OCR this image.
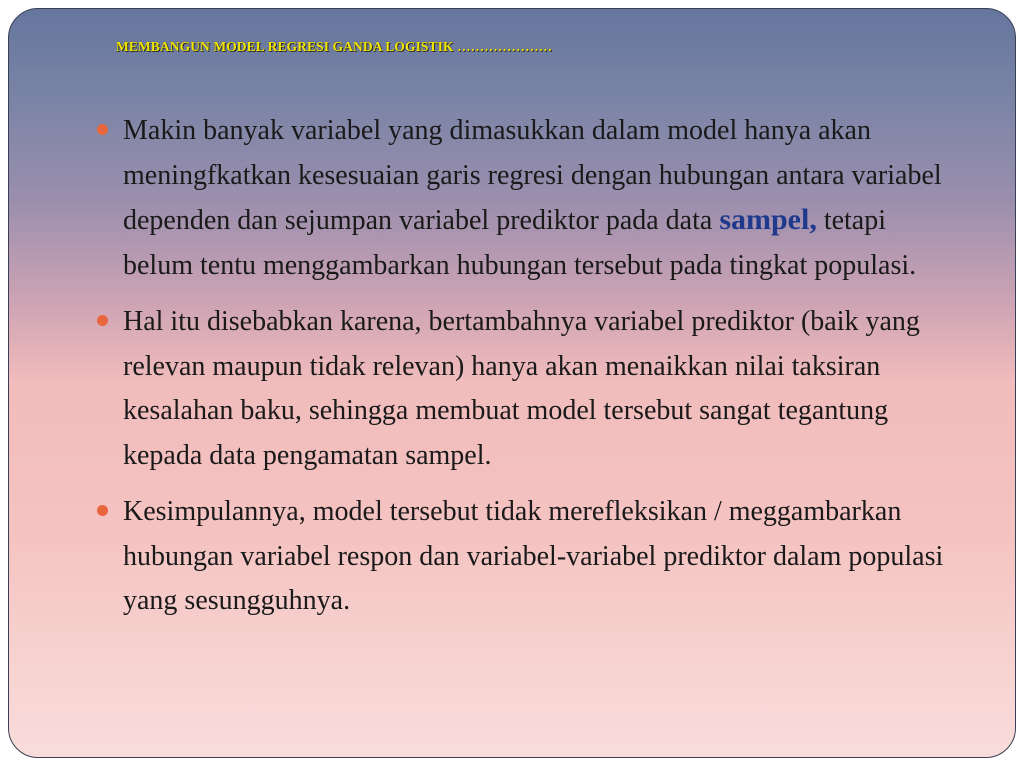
MEMBANGUN MODEL REGRESI GANDA LOGISTIK …………………
Makin banyak variabel yang dimasukkan dalam model hanya akan meningfkatkan kesesuaian garis regresi dengan hubungan antara variabel dependen dan sejumpan variabel prediktor pada data sampel, tetapi belum tentu menggambarkan hubungan tersebut pada tingkat populasi.
Hal itu disebabkan karena, bertambahnya variabel prediktor (baik yang relevan maupun tidak relevan) hanya akan menaikkan nilai taksiran kesalahan baku, sehingga membuat model tersebut sangat tegantung kepada data pengamatan sampel.
Kesimpulannya, model tersebut tidak merefleksikan / meggambarkan hubungan variabel respon dan variabel-variabel prediktor dalam populasi yang sesungguhnya.
